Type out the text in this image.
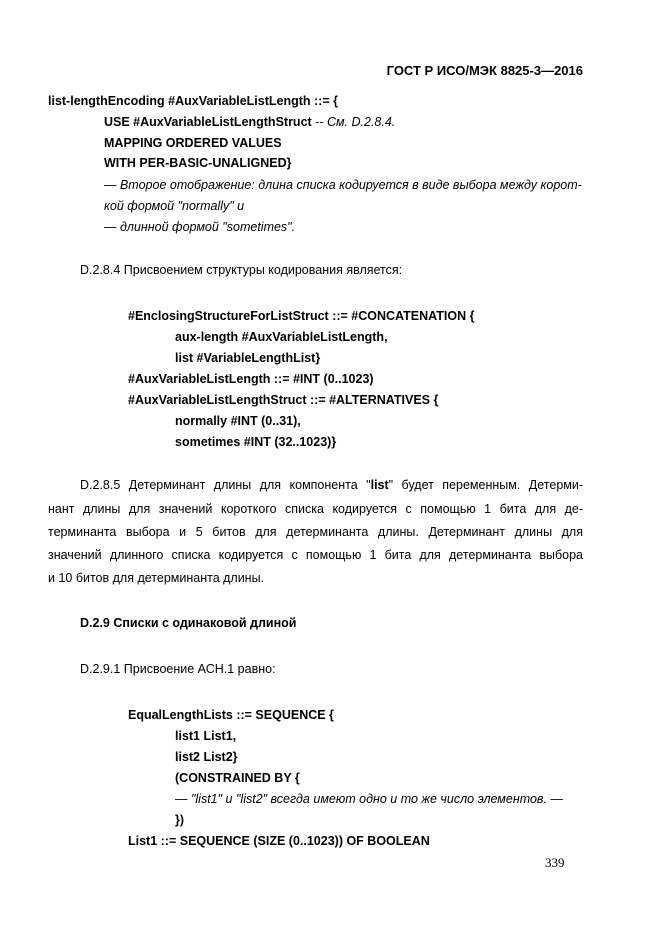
ГОСТ Р ИСО/МЭК 8825-3—2016
list-lengthEncoding #AuxVariableListLength ::= {
USE #AuxVariableListLengthStruct -- См. D.2.8.4.
MAPPING ORDERED VALUES
WITH PER-BASIC-UNALIGNED}
— Второе отображение: длина списка кодируется в виде выбора между корот-
кой формой "normally" и
— длинной формой "sometimes".
D.2.8.4 Присвоением структуры кодирования является:
#EnclosingStructureForListStruct ::= #CONCATENATION {
aux-length #AuxVariableListLength,
list #VariableLengthList}
#AuxVariableListLength ::= #INT (0..1023)
#AuxVariableListLengthStruct ::= #ALTERNATIVES {
normally #INT (0..31),
sometimes #INT (32..1023)}
D.2.8.5 Детерминант длины для компонента "list" будет переменным. Детерми-
нант длины для значений короткого списка кодируется с помощью 1 бита для де-
терминанта выбора и 5 битов для детерминанта длины. Детерминант длины для
значений длинного списка кодируется с помощью 1 бита для детерминанта выбора
и 10 битов для детерминанта длины.
D.2.9 Списки с одинаковой длиной
D.2.9.1 Присвоение АСН.1 равно:
EqualLengthLists ::= SEQUENCE {
list1 List1,
list2 List2}
(CONSTRAINED BY {
— "list1" и "list2" всегда имеют одно и то же число элементов. —
})
List1 ::= SEQUENCE (SIZE (0..1023)) OF BOOLEAN
339
